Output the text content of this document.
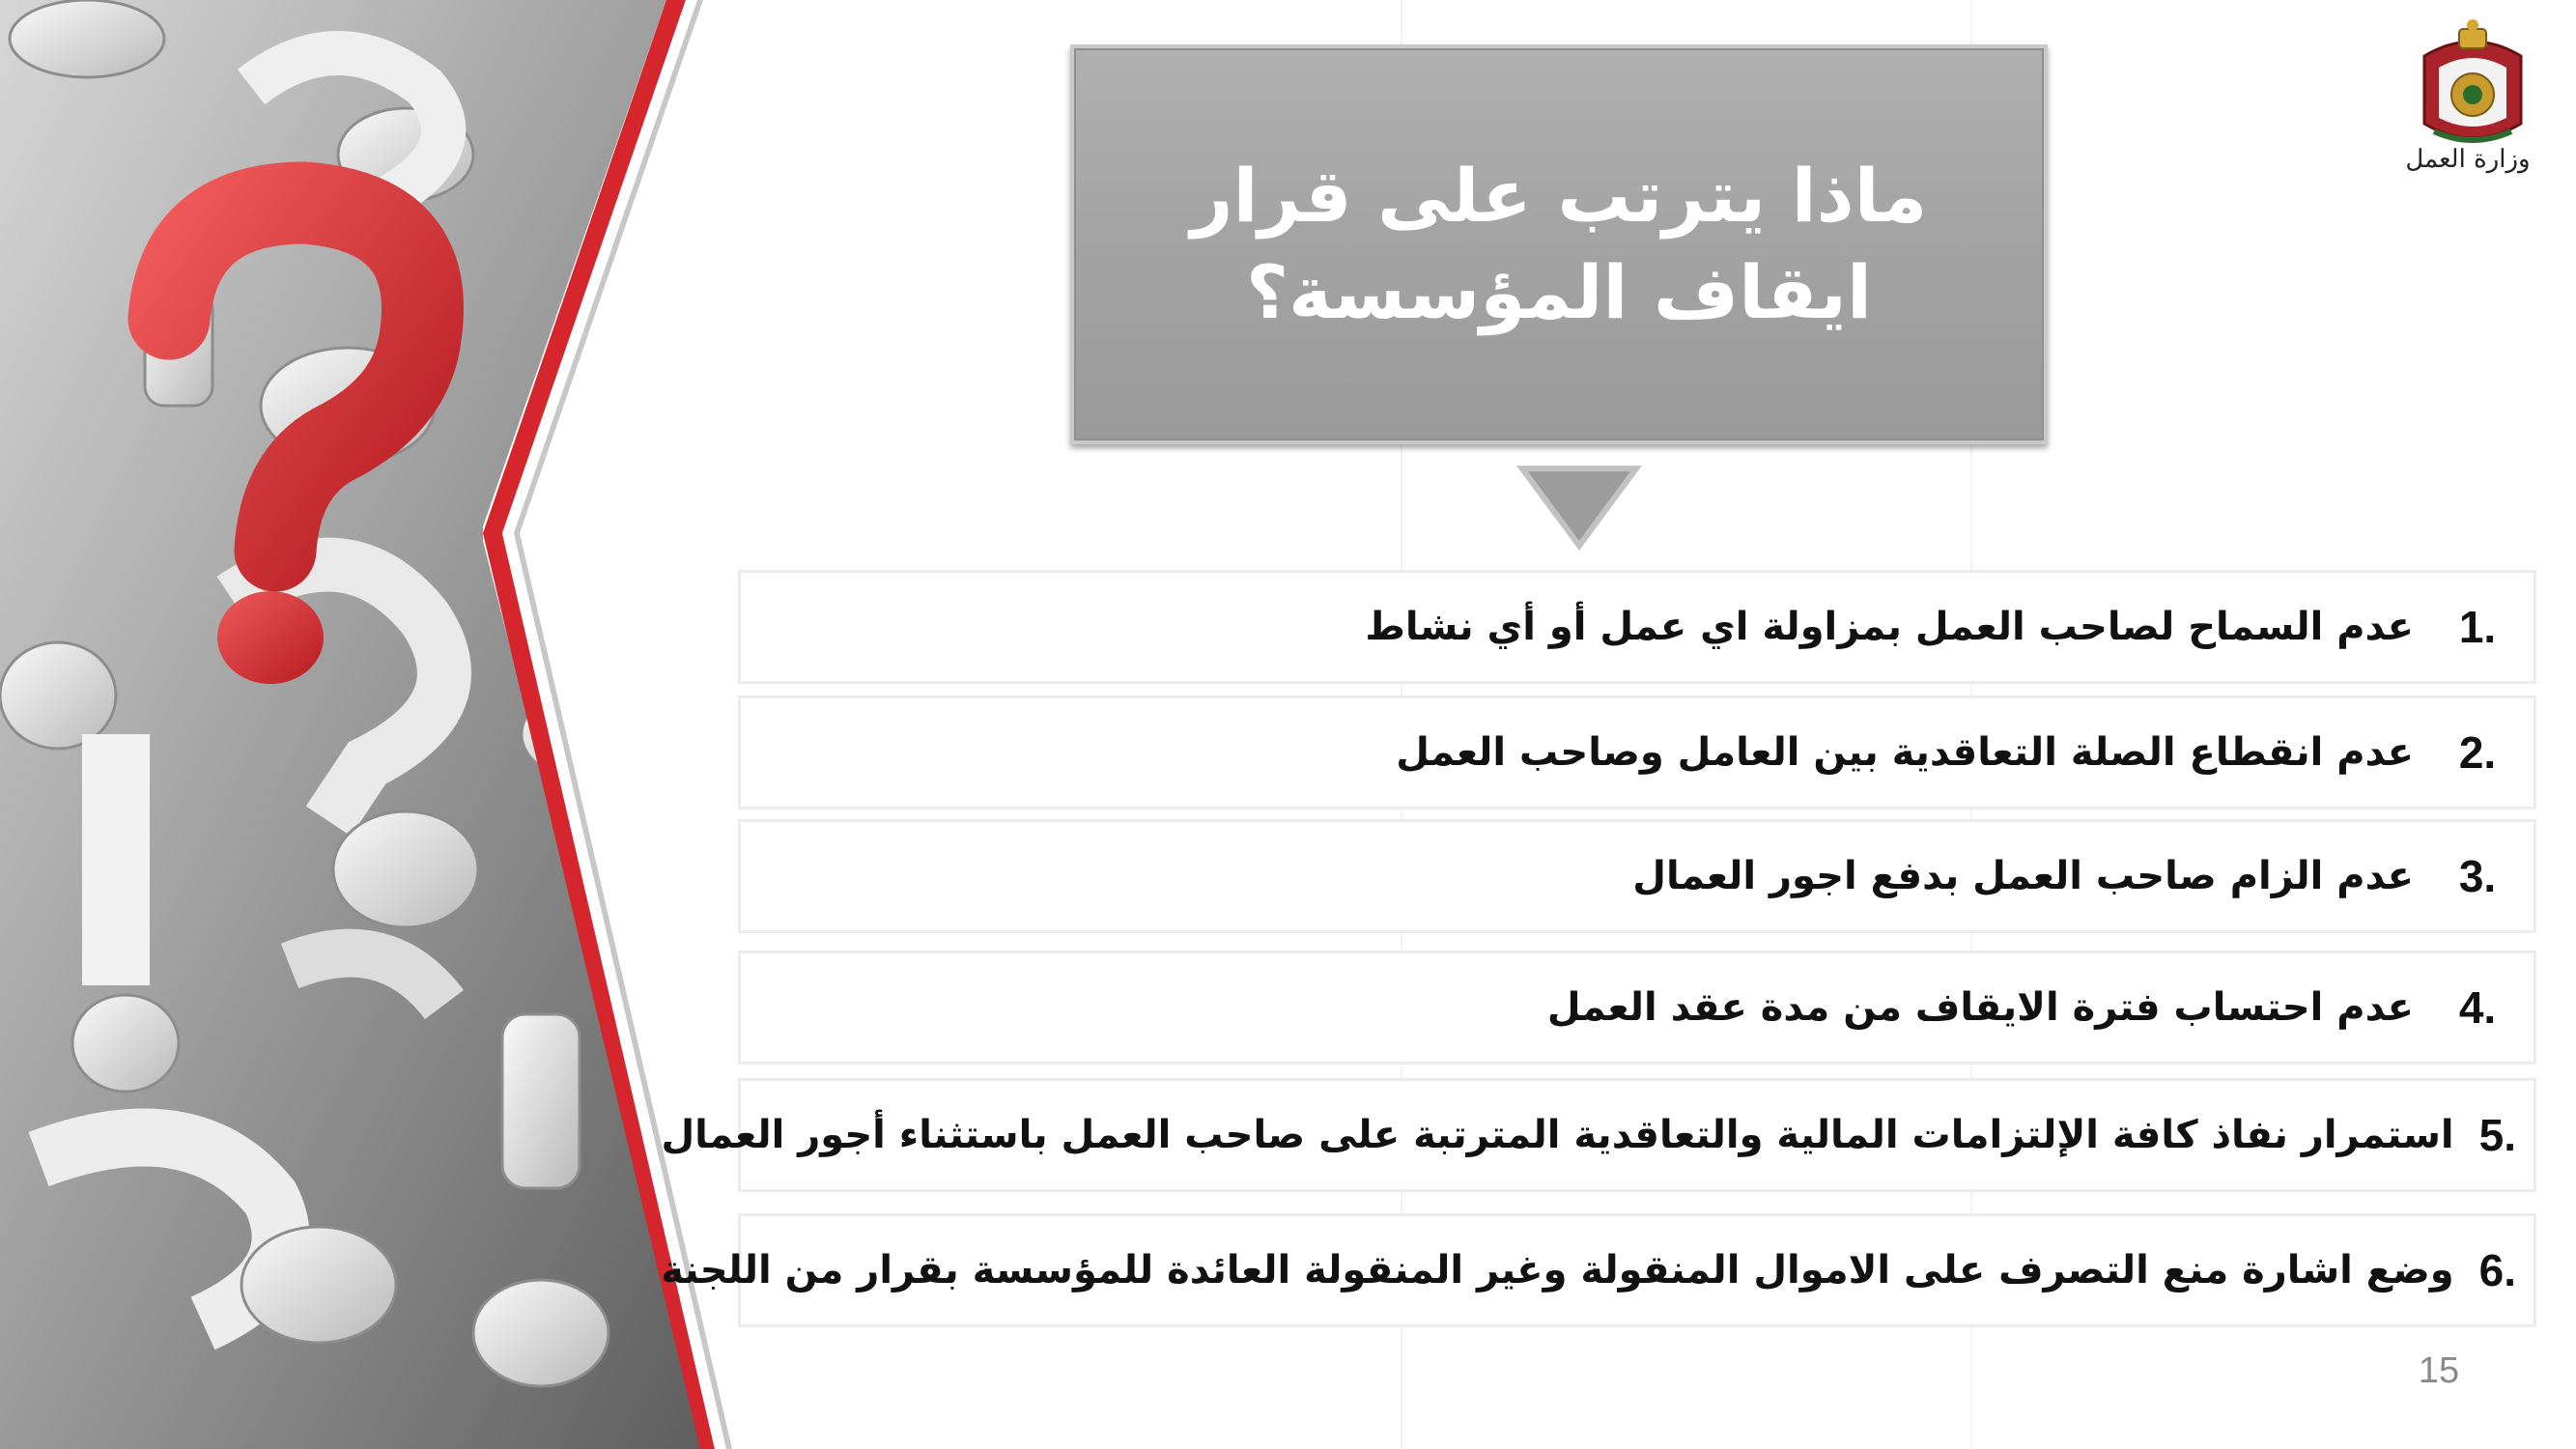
وزارة العمل
ماذا يترتب على قرار ايقاف المؤسسة؟
1.
عدم السماح لصاحب العمل بمزاولة اي عمل أو أي نشاط
2.
عدم انقطاع الصلة التعاقدية بين العامل وصاحب العمل
3.
عدم الزام صاحب العمل بدفع اجور العمال
4.
عدم احتساب فترة الايقاف من مدة عقد العمل
5.
استمرار نفاذ كافة الإلتزامات المالية والتعاقدية المترتبة على صاحب العمل باستثناء أجور العمال
6.
وضع اشارة منع التصرف على الاموال المنقولة وغير المنقولة العائدة للمؤسسة بقرار من اللجنة
15
